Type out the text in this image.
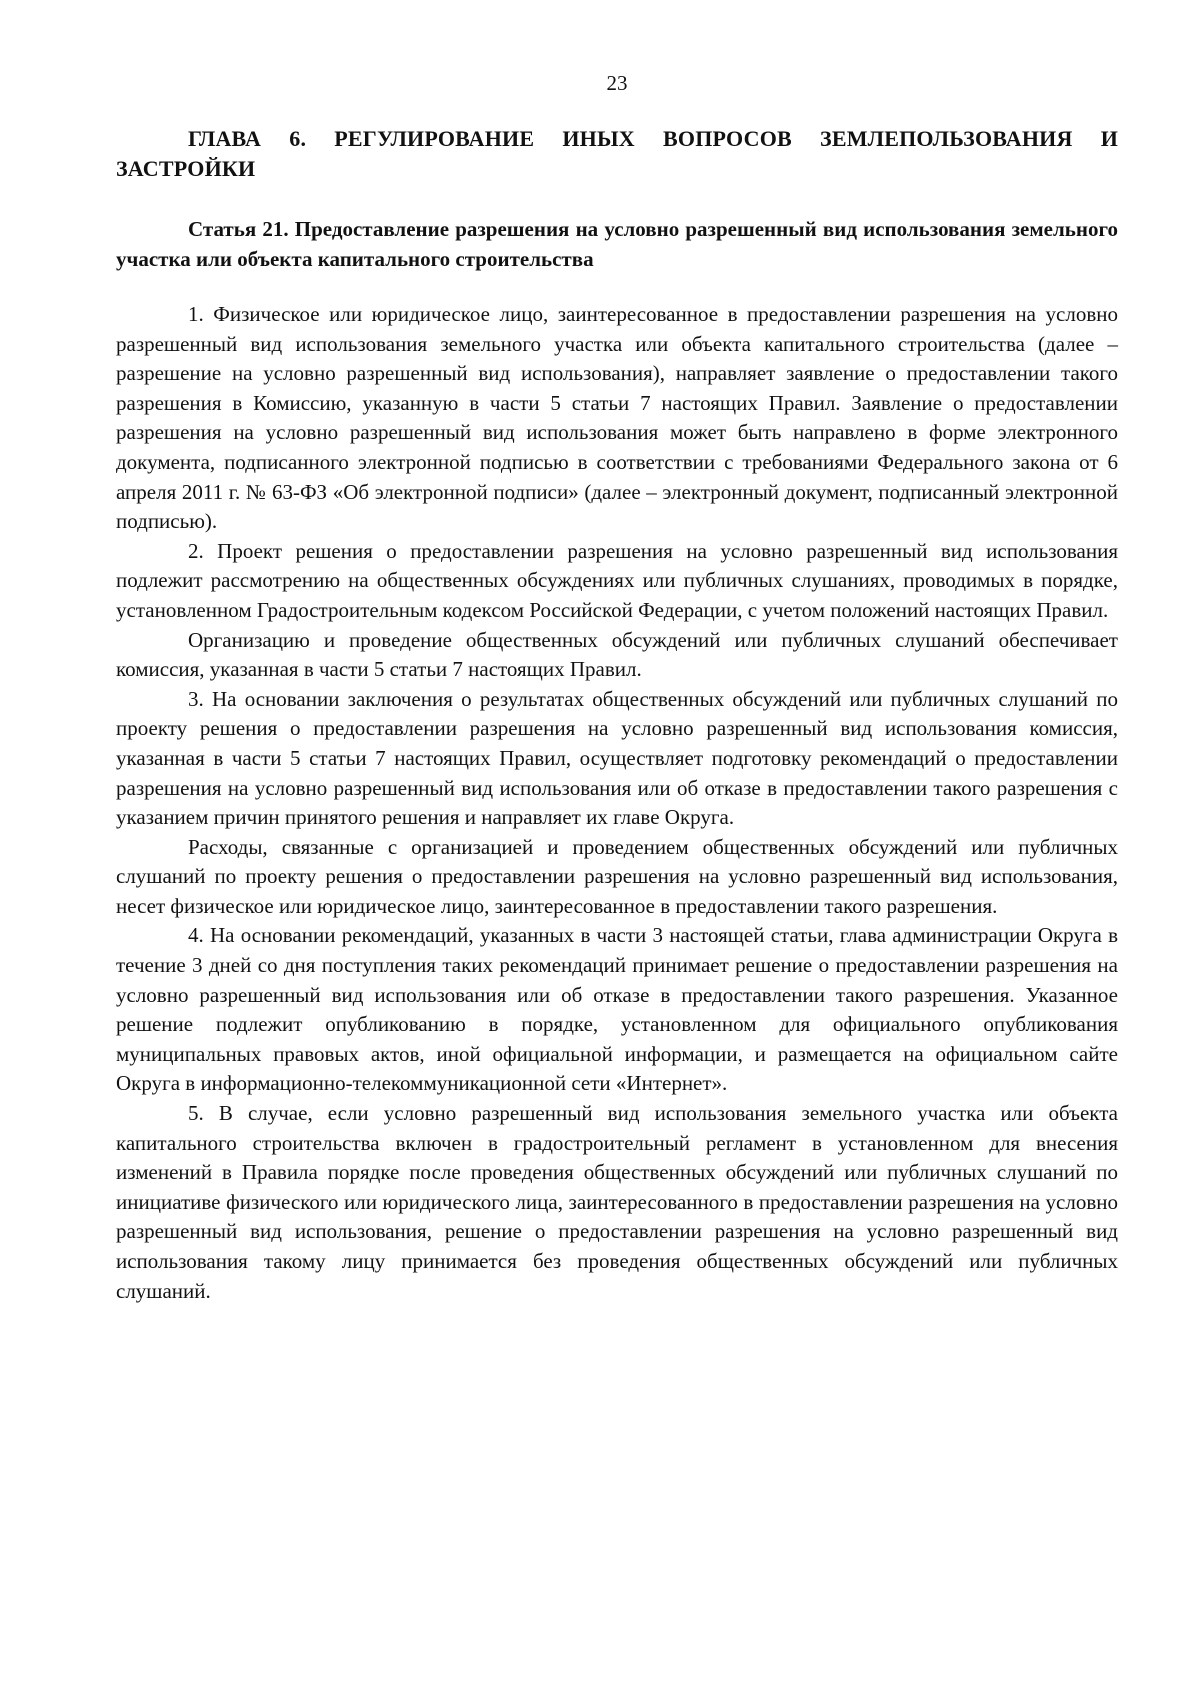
23
ГЛАВА 6. РЕГУЛИРОВАНИЕ ИНЫХ ВОПРОСОВ ЗЕМЛЕПОЛЬЗОВАНИЯ И ЗАСТРОЙКИ
Статья 21. Предоставление разрешения на условно разрешенный вид использования земельного участка или объекта капитального строительства

1. Физическое или юридическое лицо, заинтересованное в предоставлении разрешения на условно разрешенный вид использования земельного участка или объекта капитального строительства (далее – разрешение на условно разрешенный вид использования), направляет заявление о предоставлении такого разрешения в Комиссию, указанную в части 5 статьи 7 настоящих Правил. Заявление о предоставлении разрешения на условно разрешенный вид использования может быть направлено в форме электронного документа, подписанного электронной подписью в соответствии с требованиями Федерального закона от 6 апреля 2011 г. № 63-ФЗ «Об электронной подписи» (далее – электронный документ, подписанный электронной подписью).

2. Проект решения о предоставлении разрешения на условно разрешенный вид использования подлежит рассмотрению на общественных обсуждениях или публичных слушаниях, проводимых в порядке, установленном Градостроительным кодексом Российской Федерации, с учетом положений настоящих Правил.

Организацию и проведение общественных обсуждений или публичных слушаний обеспечивает комиссия, указанная в части 5 статьи 7 настоящих Правил.

3. На основании заключения о результатах общественных обсуждений или публичных слушаний по проекту решения о предоставлении разрешения на условно разрешенный вид использования комиссия, указанная в части 5 статьи 7 настоящих Правил, осуществляет подготовку рекомендаций о предоставлении разрешения на условно разрешенный вид использования или об отказе в предоставлении такого разрешения с указанием причин принятого решения и направляет их главе Округа.

Расходы, связанные с организацией и проведением общественных обсуждений или публичных слушаний по проекту решения о предоставлении разрешения на условно разрешенный вид использования, несет физическое или юридическое лицо, заинтересованное в предоставлении такого разрешения.

4. На основании рекомендаций, указанных в части 3 настоящей статьи, глава администрации Округа в течение 3 дней со дня поступления таких рекомендаций принимает решение о предоставлении разрешения на условно разрешенный вид использования или об отказе в предоставлении такого разрешения. Указанное решение подлежит опубликованию в порядке, установленном для официального опубликования муниципальных правовых актов, иной официальной информации, и размещается на официальном сайте Округа в информационно-телекоммуникационной сети «Интернет».

5. В случае, если условно разрешенный вид использования земельного участка или объекта капитального строительства включен в градостроительный регламент в установленном для внесения изменений в Правила порядке после проведения общественных обсуждений или публичных слушаний по инициативе физического или юридического лица, заинтересованного в предоставлении разрешения на условно разрешенный вид использования, решение о предоставлении разрешения на условно разрешенный вид использования такому лицу принимается без проведения общественных обсуждений или публичных слушаний.
